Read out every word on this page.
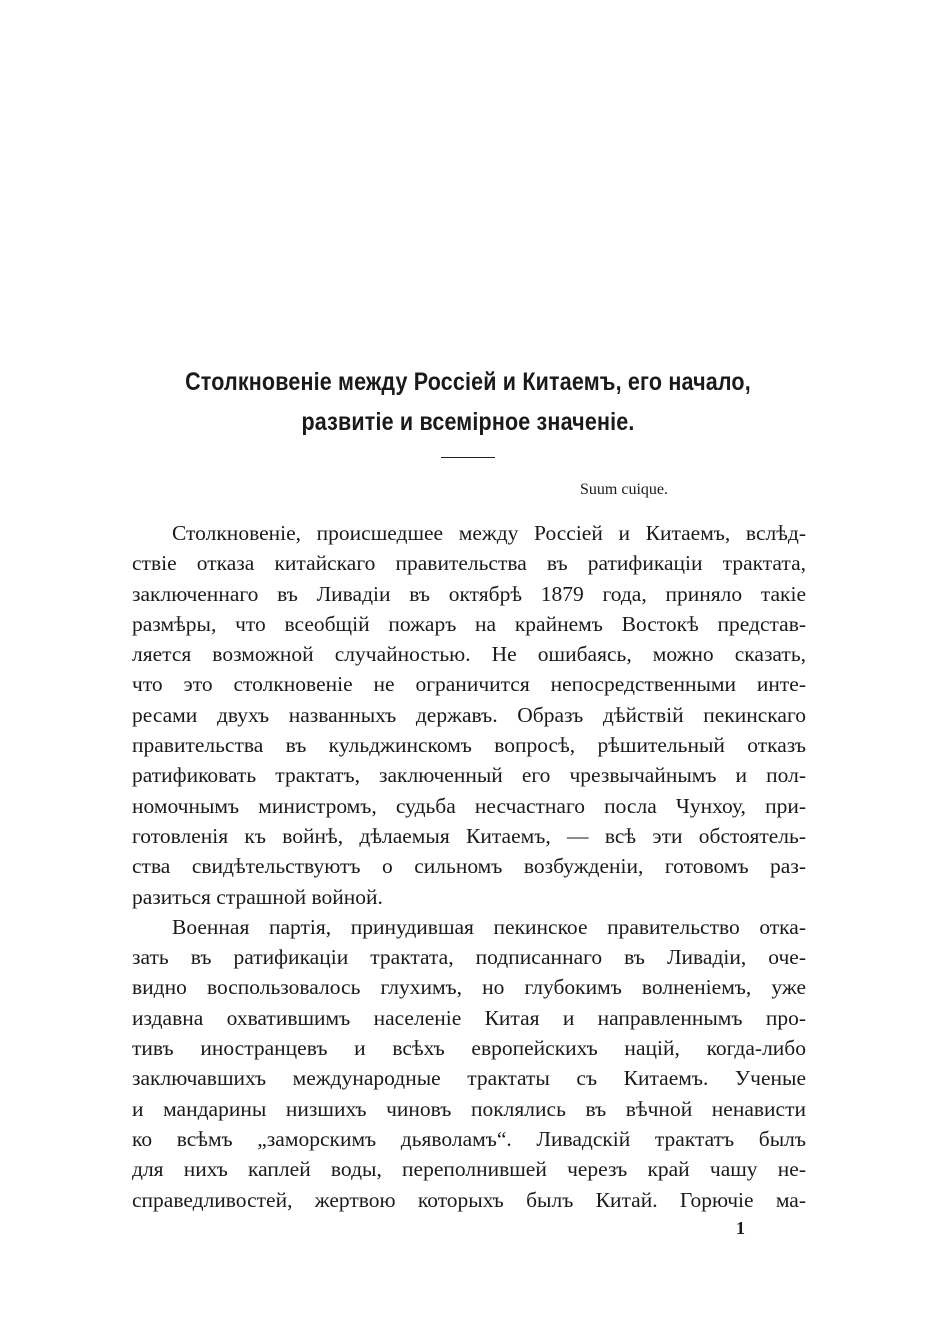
Столкновеніе между Россіей и Китаемъ, его начало,
развитіе и всемірное значеніе.
Suum cuique.
Столкновеніе, происшедшее между Россіей и Китаемъ, вслѣд-
ствіе отказа китайскаго правительства въ ратификаціи трактата,
заключеннаго въ Ливадіи въ октябрѣ 1879 года, приняло такіе
размѣры, что всеобщій пожаръ на крайнемъ Востокѣ представ-
ляется возможной случайностью. Не ошибаясь, можно сказать,
что это столкновеніе не ограничится непосредственными инте-
ресами двухъ названныхъ державъ. Образъ дѣйствій пекинскаго
правительства въ кульджинскомъ вопросѣ, рѣшительный отказъ
ратификовать трактатъ, заключенный его чрезвычайнымъ и пол-
номочнымъ министромъ, судьба несчастнаго посла Чунхоу, при-
готовленія къ войнѣ, дѣлаемыя Китаемъ, — всѣ эти обстоятель-
ства свидѣтельствуютъ о сильномъ возбужденіи, готовомъ раз-
разиться страшной войной.
Военная партія, принудившая пекинское правительство отка-
зать въ ратификаціи трактата, подписаннаго въ Ливадіи, оче-
видно воспользовалось глухимъ, но глубокимъ волненіемъ, уже
издавна охватившимъ населеніе Китая и направленнымъ про-
тивъ иностранцевъ и всѣхъ европейскихъ націй, когда-либо
заключавшихъ международные трактаты съ Китаемъ. Ученые
и мандарины низшихъ чиновъ поклялись въ вѣчной ненависти
ко всѣмъ „заморскимъ дьяволамъ“. Ливадскій трактатъ былъ
для нихъ каплей воды, переполнившей черезъ край чашу не-
справедливостей, жертвою которыхъ былъ Китай. Горючіе ма-
1
